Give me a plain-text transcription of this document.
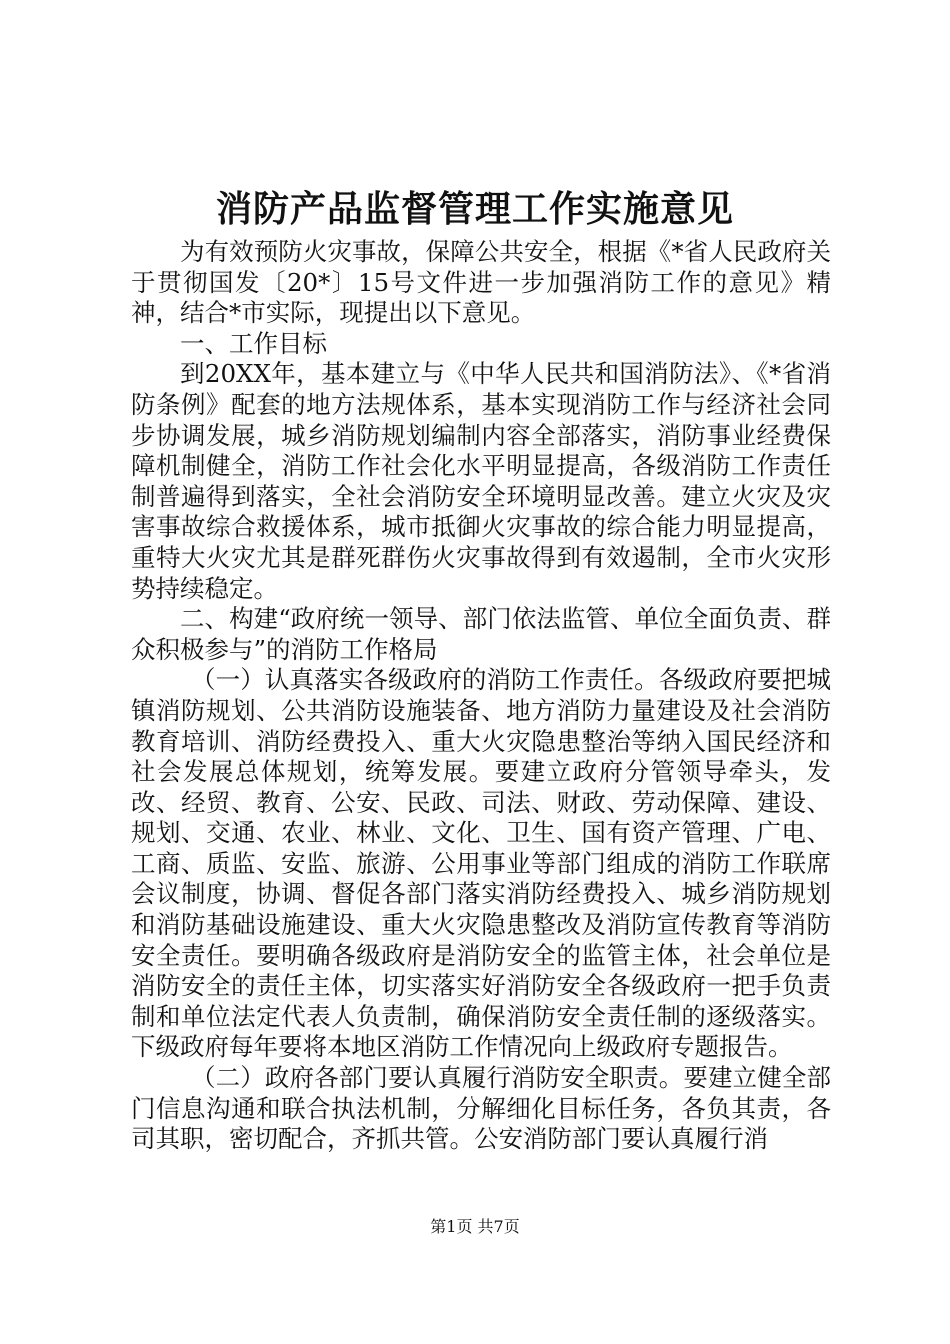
消防产品监督管理工作实施意见

为有效预防火灾事故，保障公共安全，根据《*省人民政府关于贯彻国发〔20*〕15号文件进一步加强消防工作的意见》精神，结合*市实际，现提出以下意见。

一、工作目标

到20XX年，基本建立与《中华人民共和国消防法》、《*省消防条例》配套的地方法规体系，基本实现消防工作与经济社会同步协调发展，城乡消防规划编制内容全部落实，消防事业经费保障机制健全，消防工作社会化水平明显提高，各级消防工作责任制普遍得到落实，全社会消防安全环境明显改善。建立火灾及灾害事故综合救援体系，城市抵御火灾事故的综合能力明显提高，重特大火灾尤其是群死群伤火灾事故得到有效遏制，全市火灾形势持续稳定。

二、构建“政府统一领导、部门依法监管、单位全面负责、群众积极参与”的消防工作格局

（一）认真落实各级政府的消防工作责任。各级政府要把城镇消防规划、公共消防设施装备、地方消防力量建设及社会消防教育培训、消防经费投入、重大火灾隐患整治等纳入国民经济和社会发展总体规划，统筹发展。要建立政府分管领导牵头，发改、经贸、教育、公安、民政、司法、财政、劳动保障、建设、规划、交通、农业、林业、文化、卫生、国有资产管理、广电、工商、质监、安监、旅游、公用事业等部门组成的消防工作联席会议制度，协调、督促各部门落实消防经费投入、城乡消防规划和消防基础设施建设、重大火灾隐患整改及消防宣传教育等消防安全责任。要明确各级政府是消防安全的监管主体，社会单位是消防安全的责任主体，切实落实好消防安全各级政府一把手负责制和单位法定代表人负责制，确保消防安全责任制的逐级落实。下级政府每年要将本地区消防工作情况向上级政府专题报告。

（二）政府各部门要认真履行消防安全职责。要建立健全部门信息沟通和联合执法机制，分解细化目标任务，各负其责，各司其职，密切配合，齐抓共管。公安消防部门要认真履行消

第1页 共7页
